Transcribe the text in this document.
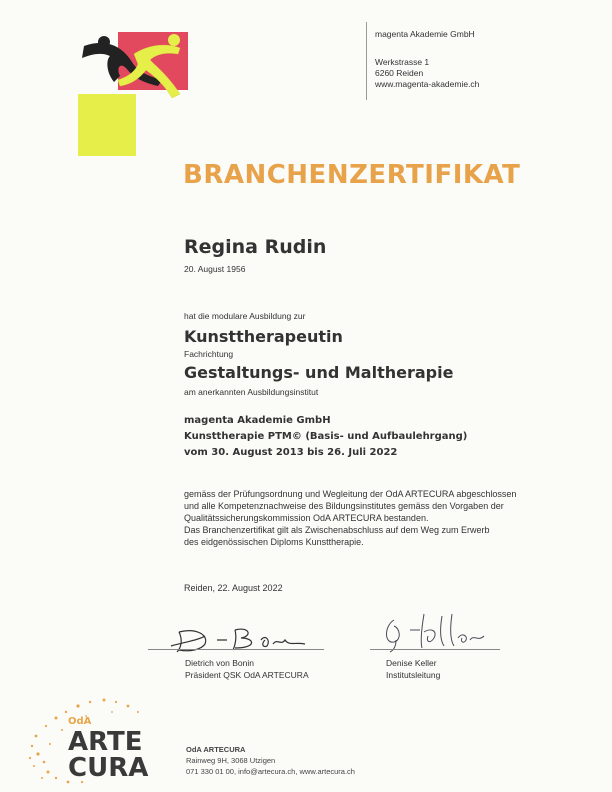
magenta Akademie GmbH
Werkstrasse 1
6260 Reiden
www.magenta-akademie.ch
BRANCHENZERTIFIKAT
Regina Rudin
20. August 1956
hat die modulare Ausbildung zur
Kunsttherapeutin
Fachrichtung
Gestaltungs- und Maltherapie
am anerkannten Ausbildungsinstitut
magenta Akademie GmbH
Kunsttherapie PTM© (Basis- und Aufbaulehrgang)
vom 30. August 2013 bis 26. Juli 2022
gemäss der Prüfungsordnung und Wegleitung der OdA ARTECURA abgeschlossen
und alle Kompetenznachweise des Bildungsinstitutes gemäss den Vorgaben der
Qualitätssicherungskommission OdA ARTECURA bestanden.
Das Branchenzertifikat gilt als Zwischenabschluss auf dem Weg zum Erwerb
des eidgenössischen Diploms Kunsttherapie.
Reiden, 22. August 2022
Dietrich von Bonin
Präsident QSK OdA ARTECURA
Denise Keller
Institutsleitung
OdA
ARTE
CURA
OdA ARTECURA
Rainweg 9H, 3068 Utzigen
071 330 01 00, info@artecura.ch, www.artecura.ch
